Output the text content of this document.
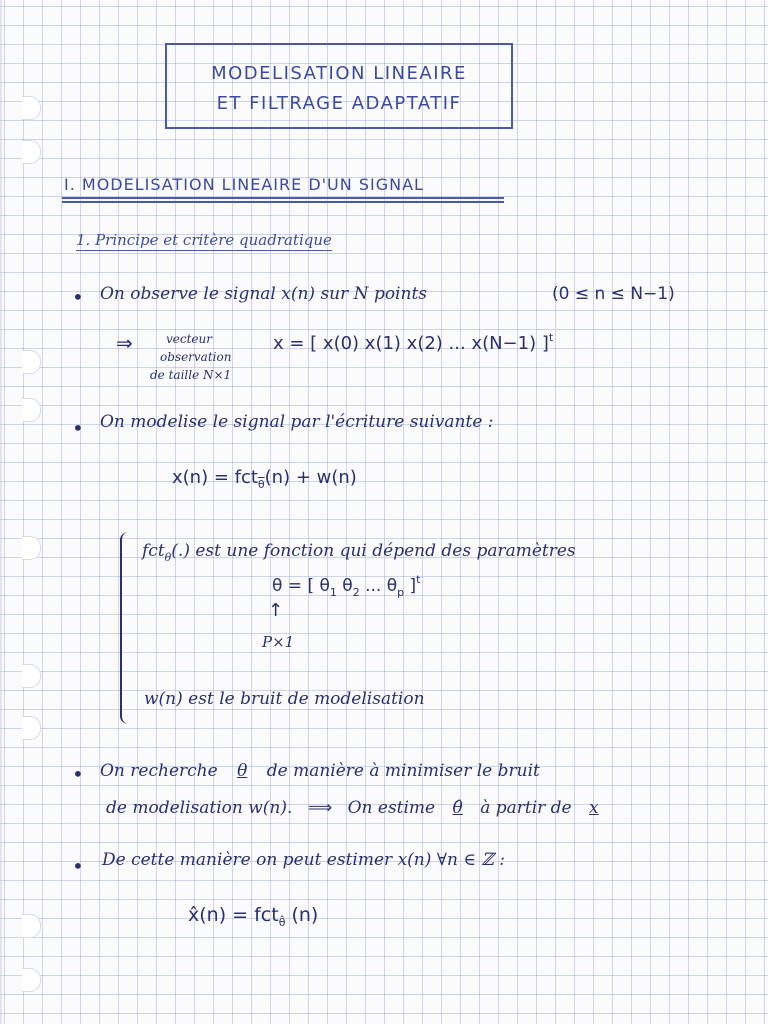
MODELISATION LINEAIRE
ET FILTRAGE ADAPTATIF
I. MODELISATION LINEAIRE D'UN SIGNAL
1. Principe et critère quadratique
• On observe le signal x(n) sur N points	(0 ≤ n ≤ N−1)
⇒	vecteur
observation
de taille N×1
x = [ x(0) x(1) x(2) ... x(N−1) ]$^t$
• On modelise le signal par l'écriture suivante :
x(n) = fct$_{\overline{\theta}}$(n) + w(n)
fct$_\theta$(.) est une fonction qui dépend des paramètres
θ = [ $\theta_1$ $\theta_2$ ... $\theta_p$ ]$^t$
↑
P×1
w(n) est le bruit de modelisation
• On recherche θ de manière à minimiser le bruit
de modelisation w(n). ⟹ On estime θ̂ à partir de x
• De cette manière on peut estimer x(n) ∀n ∈ ℤ :
x̂(n) = fct$_{\thetâ}$ (n)
